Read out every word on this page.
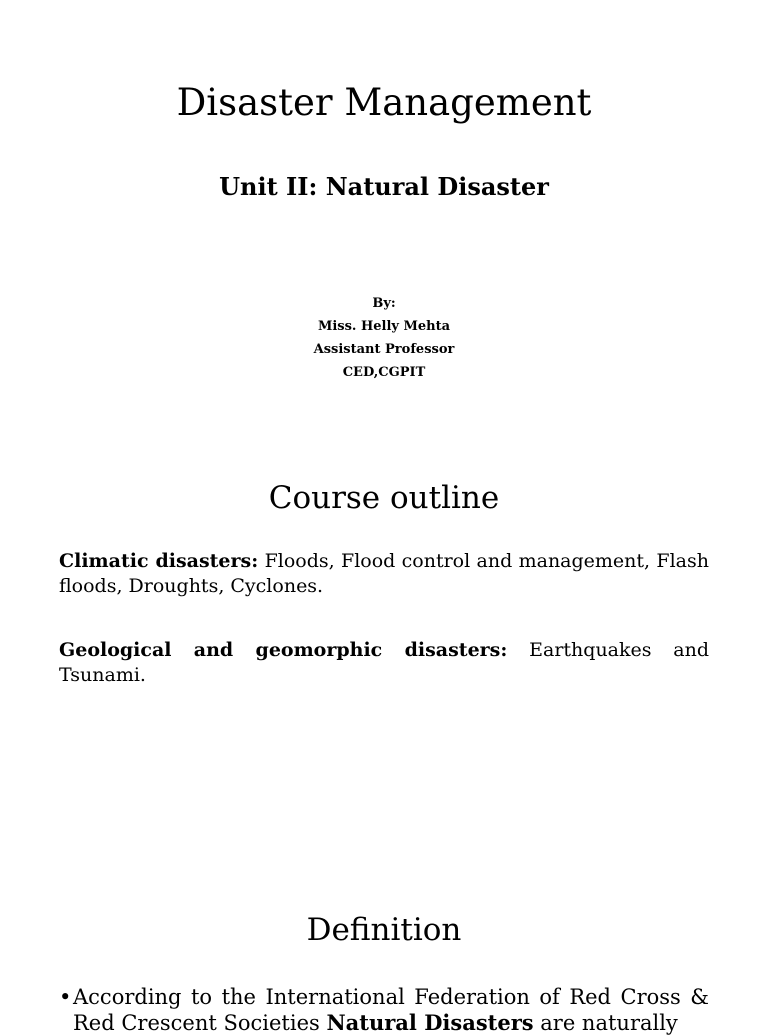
Disaster Management
Unit II: Natural Disaster
By:
Miss. Helly Mehta
Assistant Professor
CED,CGPIT
Course outline

Climatic disasters: Floods, Flood control and management, Flash floods, Droughts, Cyclones.

Geological and geomorphic disasters: Earthquakes and Tsunami.

Definition
• According to the International Federation of Red Cross & Red Crescent Societies Natural Disasters are naturally
